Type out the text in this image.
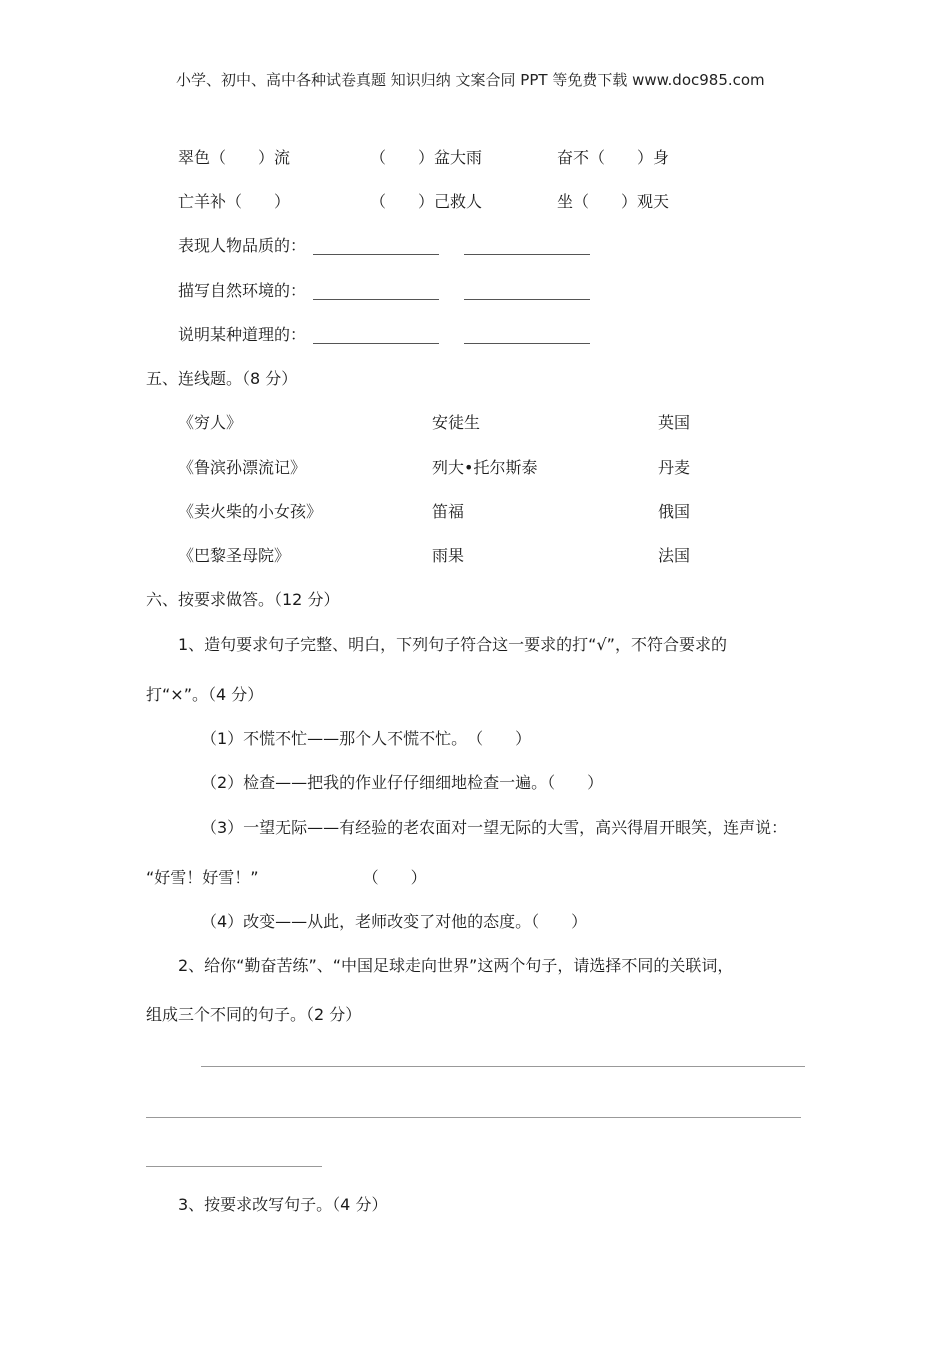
小学、初中、高中各种试卷真题 知识归纳 文案合同 PPT 等免费下载 www.doc985.com
翠色（　　）流	（　　）盆大雨	奋不（　　）身
亡羊补（　　）	（　　）己救人	坐（　　）观天
表现人物品质的：
描写自然环境的：
说明某种道理的：
五、连线题。（8 分）
《穷人》	安徒生	英国
《鲁滨孙漂流记》	列大•托尔斯泰	丹麦
《卖火柴的小女孩》	笛福	俄国
《巴黎圣母院》	雨果	法国
六、按要求做答。（12 分）
1、造句要求句子完整、明白，下列句子符合这一要求的打“√”，不符合要求的
打“×”。（4 分）
（1）不慌不忙——那个人不慌不忙。　（　　）
（2）检查——把我的作业仔仔细细地检查一遍。（　　）
（3）一望无际——有经验的老农面对一望无际的大雪，高兴得眉开眼笑，连声说：
“好雪！好雪！”　　　　　　　（　　）
（4）改变——从此，老师改变了对他的态度。（　　）
2、给你“勤奋苦练”、“中国足球走向世界”这两个句子，请选择不同的关联词，
组成三个不同的句子。（2 分）
3、按要求改写句子。（4 分）
